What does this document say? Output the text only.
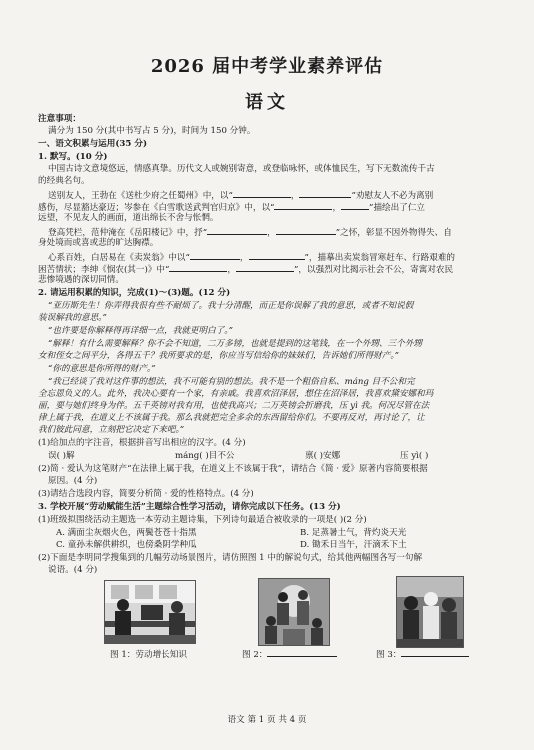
2026 届中考学业素养评估
语文
注意事项：
满分为 150 分(其中书写占 5 分)，时间为 150 分钟。
一、语文积累与运用(35 分)
1. 默写。(10 分)
中国古诗文意境悠远，情感真挚。历代文人或婉别寄意，或登临咏怀，或体恤民生，写下无数流传千古
的经典名句。
送别友人，王勃在《送杜少府之任蜀州》中，以“	，	”劝慰友人不必为离别
感伤，尽显豁达豪迈；岑参在《白雪歌送武判官归京》中，以“	，	”描绘出了仁立
远望，不见友人的画面，道出绵长不舍与怅惘。
登高凭栏，范仲淹在《岳阳楼记》中，抒“	，	”之怀，彰显不因外物得失、自
身处境而或喜或悲的旷达胸襟。
心系百姓，白居易在《卖炭翁》中以“	，	”，描摹出卖炭翁冒寒赶车、行路艰难的
困苦情状；李绅《悯农(其一)》中“	，	”，以强烈对比揭示社会不公，寄寓对农民
悲惨境遇的深切同情。
2. 请运用积累的知识，完成(1)～(3)题。(12 分)
“亚历斯先生！你弄得我很有些不耐烦了。我十分清醒，而正是你误解了我的意思，或者不知说假
装误解我的意思。”
“也许要是你解释得再详细一点，我就更明白了。”
“解释！有什么需要解释？你不会不知道，二万多镑，也就是提到的这笔钱，在一个外甥、三个外甥
女和侄女之间平分，各得五千？我所要求的是，你应当写信给你的妹妹们，告诉她们所得财产。”
“你的意思是你所得的财产。”
“我已经谈了我对这件事的想法，我不可能有别的想法。我不是一个粗俗自私、máng 目不公和完
全忘恩负义的人。此外，我决心要有一个家，有亲戚。我喜欢沼泽居，想住在沼泽居，我喜欢黛安娜和玛
丽，要与她们终身为伴。五千英镑对我有用，也使我高兴；二万英镑会折磨我，压 yì 我。何况尽管在法
律上属于我，在道义上不该属于我。那么我就把完全多余的东西留给你们。不要再反对，再讨论了，让
我们彼此同意，立刻把它决定下来吧。”
(1)给加点的字注音，根据拼音写出相应的汉字。(4 分)
误( )解	máng( )目不公	禀( )安娜	压 yì( )
(2)简 · 爱认为这笔财产“在法律上属于我，在道义上不该属于我”，请结合《简 · 爱》原著内容简要根据
原因。(4 分)
(3)请结合选段内容，简要分析简 · 爱的性格特点。(4 分)
3. 学校开展“劳动赋能生活”主题综合性学习活动，请你完成以下任务。(13 分)
(1)班级拟围绕活动主题选一本劳动主题诗集，下列诗句最适合被收录的一项是( )(2 分)
A. 满面尘灰烟火色，两鬓苍苍十指黑	B. 足蒸暑土气，背灼炎天光
C. 童孙未解供耕织，也傍桑阴学种瓜	D. 锄禾日当午，汗滴禾下土
(2)下面是李明同学搜集到的几幅劳动场景图片，请仿照图 1 中的解说句式，给其他两幅图各写一句解
说语。(4 分)
图 1：劳动增长知识	图 2：	图 3：
语文 第 1 页 共 4 页
